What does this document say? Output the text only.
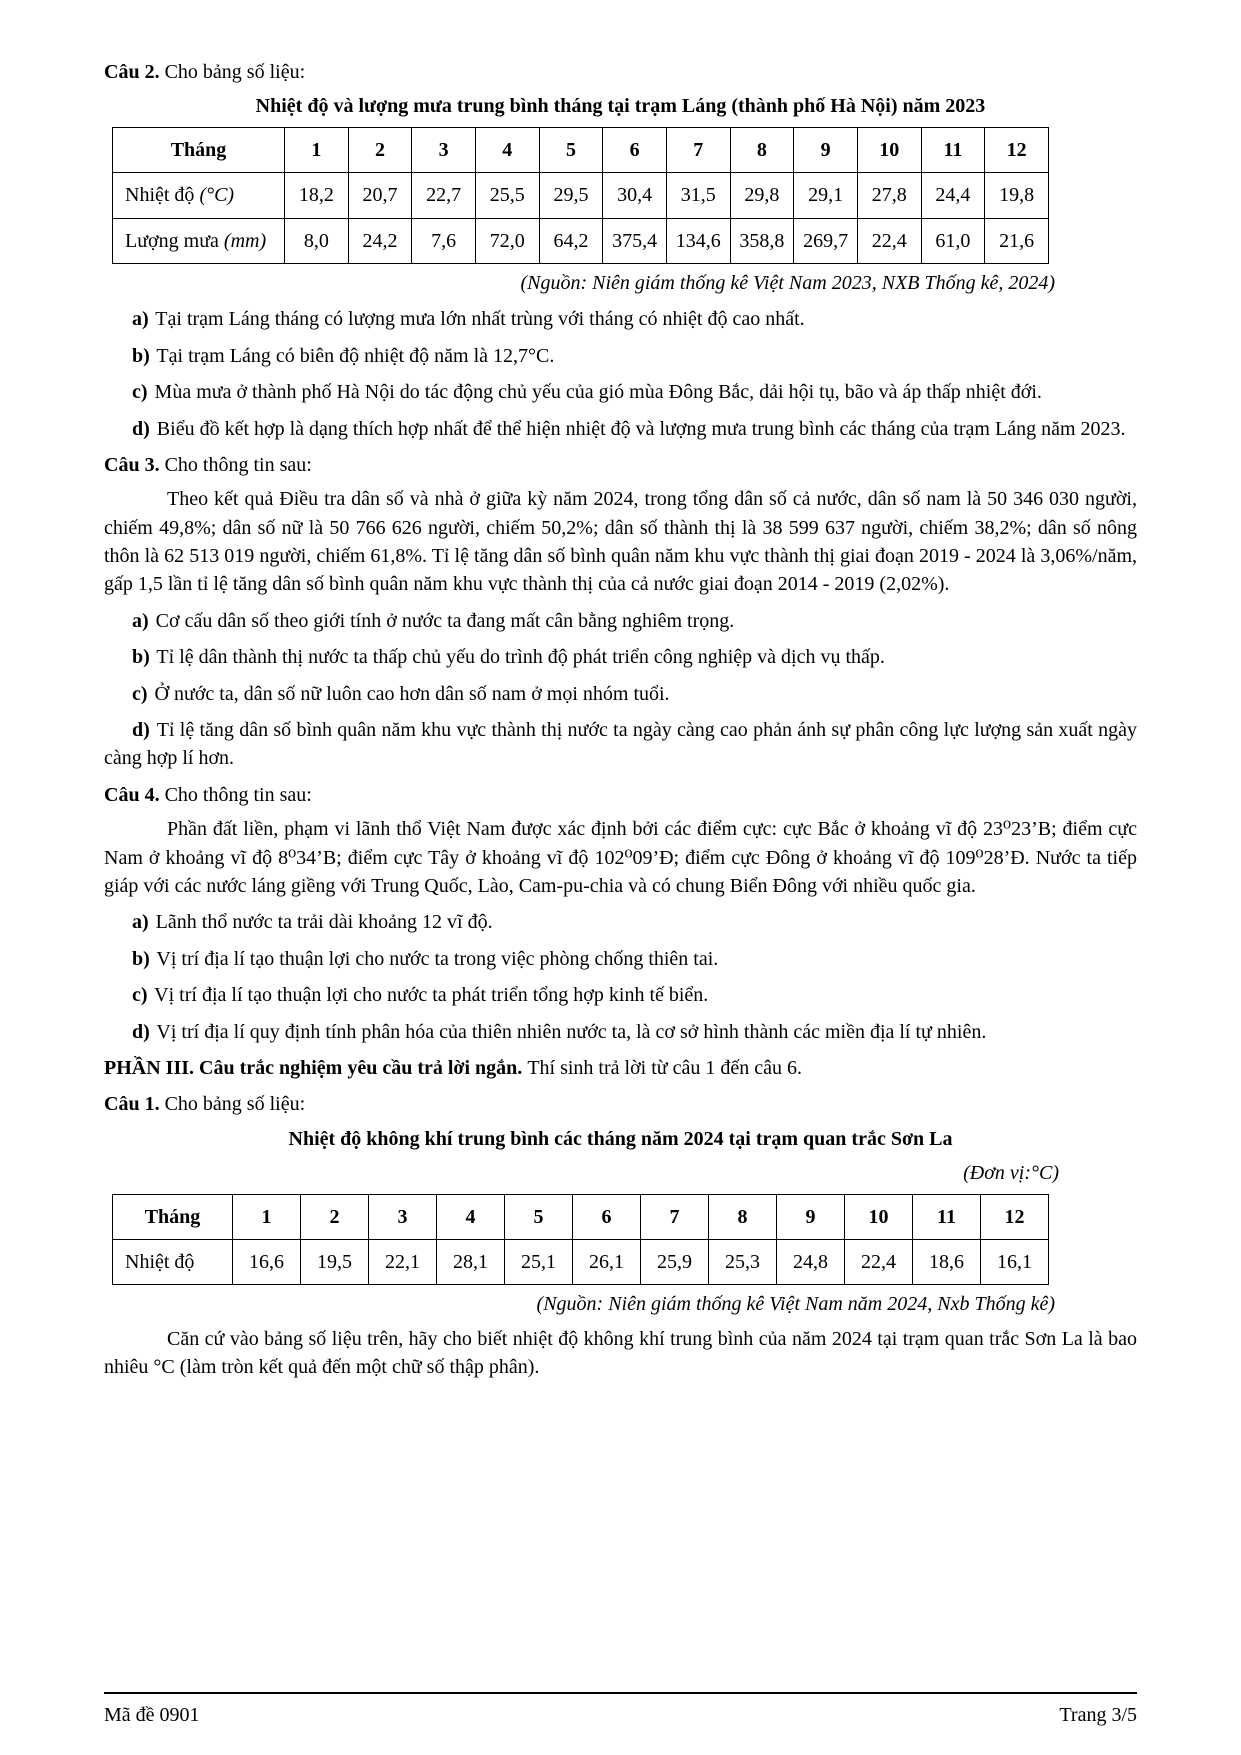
Câu 2. Cho bảng số liệu:

Nhiệt độ và lượng mưa trung bình tháng tại trạm Láng (thành phố Hà Nội) năm 2023

Tháng	1	2	3	4	5	6	7	8	9	10	11	12
Nhiệt độ (°C)	18,2	20,7	22,7	25,5	29,5	30,4	31,5	29,8	29,1	27,8	24,4	19,8
Lượng mưa (mm)	8,0	24,2	7,6	72,0	64,2	375,4	134,6	358,8	269,7	22,4	61,0	21,6

(Nguồn: Niên giám thống kê Việt Nam 2023, NXB Thống kê, 2024)

a) Tại trạm Láng tháng có lượng mưa lớn nhất trùng với tháng có nhiệt độ cao nhất.

b) Tại trạm Láng có biên độ nhiệt độ năm là 12,7°C.

c) Mùa mưa ở thành phố Hà Nội do tác động chủ yếu của gió mùa Đông Bắc, dải hội tụ, bão và áp thấp nhiệt đới.

d) Biểu đồ kết hợp là dạng thích hợp nhất để thể hiện nhiệt độ và lượng mưa trung bình các tháng của trạm Láng năm 2023.

Câu 3. Cho thông tin sau:

Theo kết quả Điều tra dân số và nhà ở giữa kỳ năm 2024, trong tổng dân số cả nước, dân số nam là 50 346 030 người, chiếm 49,8%; dân số nữ là 50 766 626 người, chiếm 50,2%; dân số thành thị là 38 599 637 người, chiếm 38,2%; dân số nông thôn là 62 513 019 người, chiếm 61,8%. Tỉ lệ tăng dân số bình quân năm khu vực thành thị giai đoạn 2019 - 2024 là 3,06%/năm, gấp 1,5 lần tỉ lệ tăng dân số bình quân năm khu vực thành thị của cả nước giai đoạn 2014 - 2019 (2,02%).

a) Cơ cấu dân số theo giới tính ở nước ta đang mất cân bằng nghiêm trọng.

b) Tỉ lệ dân thành thị nước ta thấp chủ yếu do trình độ phát triển công nghiệp và dịch vụ thấp.

c) Ở nước ta, dân số nữ luôn cao hơn dân số nam ở mọi nhóm tuổi.

d) Tỉ lệ tăng dân số bình quân năm khu vực thành thị nước ta ngày càng cao phản ánh sự phân công lực lượng sản xuất ngày càng hợp lí hơn.

Câu 4. Cho thông tin sau:

Phần đất liền, phạm vi lãnh thổ Việt Nam được xác định bởi các điểm cực: cực Bắc ở khoảng vĩ độ 23⁰23’B; điểm cực Nam ở khoảng vĩ độ 8⁰34’B; điểm cực Tây ở khoảng vĩ độ 102⁰09’Đ; điểm cực Đông ở khoảng vĩ độ 109⁰28’Đ. Nước ta tiếp giáp với các nước láng giềng với Trung Quốc, Lào, Cam-pu-chia và có chung Biển Đông với nhiều quốc gia.

a) Lãnh thổ nước ta trải dài khoảng 12 vĩ độ.

b) Vị trí địa lí tạo thuận lợi cho nước ta trong việc phòng chống thiên tai.

c) Vị trí địa lí tạo thuận lợi cho nước ta phát triển tổng hợp kinh tế biển.

d) Vị trí địa lí quy định tính phân hóa của thiên nhiên nước ta, là cơ sở hình thành các miền địa lí tự nhiên.

PHẦN III. Câu trắc nghiệm yêu cầu trả lời ngắn. Thí sinh trả lời từ câu 1 đến câu 6.

Câu 1. Cho bảng số liệu:

Nhiệt độ không khí trung bình các tháng năm 2024 tại trạm quan trắc Sơn La

(Đơn vị:°C)

Tháng	1	2	3	4	5	6	7	8	9	10	11	12
Nhiệt độ	16,6	19,5	22,1	28,1	25,1	26,1	25,9	25,3	24,8	22,4	18,6	16,1

(Nguồn: Niên giám thống kê Việt Nam năm 2024, Nxb Thống kê)

Căn cứ vào bảng số liệu trên, hãy cho biết nhiệt độ không khí trung bình của năm 2024 tại trạm quan trắc Sơn La là bao nhiêu °C (làm tròn kết quả đến một chữ số thập phân).

Mã đề 0901	Trang 3/5
